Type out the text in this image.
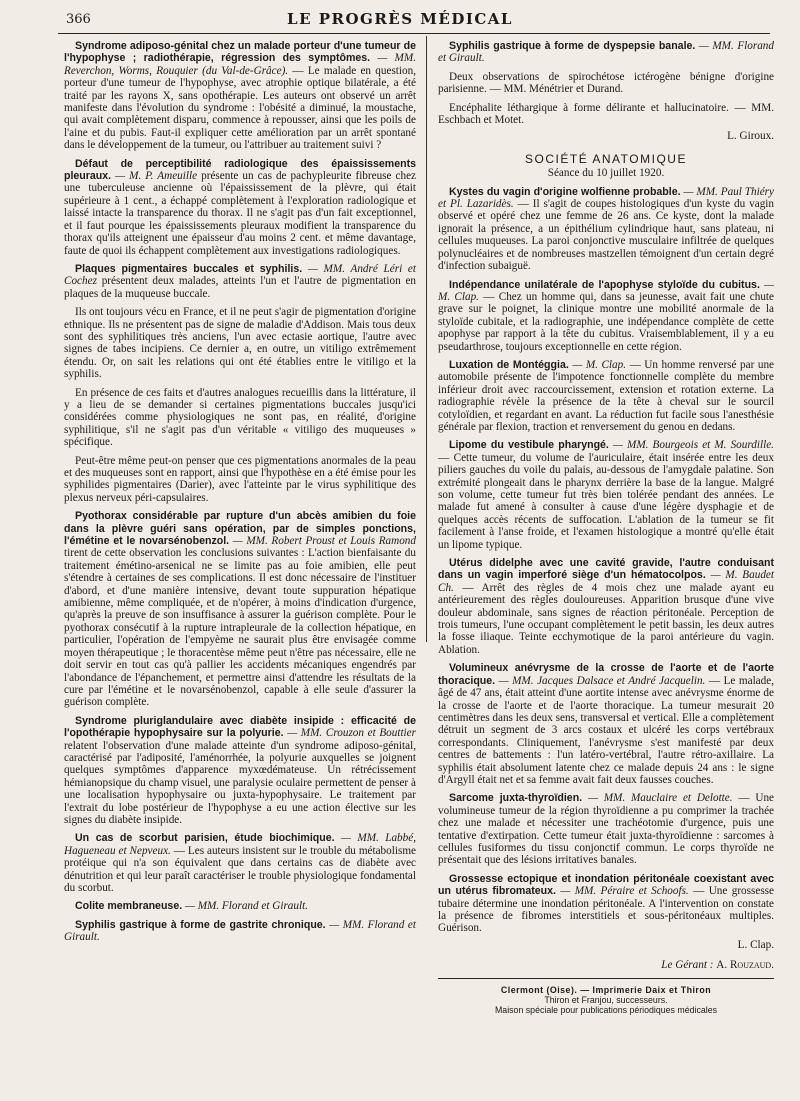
366	LE PROGRÈS MÉDICAL

Syndrome adiposo-génital chez un malade porteur d'une tumeur de l'hypophyse ; radiothérapie, régression des symptômes. — MM. Reverchon, Worms, Rouquier (du Val-de-Grâce). — Le malade en question, porteur d'une tumeur de l'hypophyse, avec atrophie optique bilatérale, a été traité par les rayons X, sans opothérapie. Les auteurs ont observé un arrêt manifeste dans l'évolution du syndrome : l'obésité a diminué, la moustache, qui avait complètement disparu, commence à repousser, ainsi que les poils de l'aine et du pubis. Faut-il expliquer cette amélioration par un arrêt spontané dans le développement de la tumeur, ou l'attribuer au traitement suivi ?

Défaut de perceptibilité radiologique des épaississements pleuraux. — M. P. Ameuille présente un cas de pachypleurite fibreuse chez une tuberculeuse ancienne où l'épaississement de la plèvre, qui était supérieure à 1 cent., a échappé complètement à l'exploration radiologique et laissé intacte la transparence du thorax. Il ne s'agit pas d'un fait exceptionnel, et il faut pourque les épaississements pleuraux modifient la transparence du thorax qu'ils atteignent une épaisseur d'au moins 2 cent. et même davantage, faute de quoi ils échappent complètement aux investigations radiologiques.

Plaques pigmentaires buccales et syphilis. — MM. André Léri et Cochez présentent deux malades, atteints l'un et l'autre de pigmentation en plaques de la muqueuse buccale.

Ils ont toujours vécu en France, et il ne peut s'agir de pigmentation d'origine ethnique. Ils ne présentent pas de signe de maladie d'Addison. Mais tous deux sont des syphilitiques très anciens, l'un avec ectasie aortique, l'autre avec signes de tabes incipiens. Ce dernier a, en outre, un vitiligo extrêmement étendu. Or, on sait les relations qui ont été établies entre le vitiligo et la syphilis.

En présence de ces faits et d'autres analogues recueillis dans la littérature, il y a lieu de se demander si certaines pigmentations buccales jusqu'ici considérées comme physiologiques ne sont pas, en réalité, d'origine syphilitique, s'il ne s'agit pas d'un véritable « vitiligo des muqueuses » spécifique.

Peut-être même peut-on penser que ces pigmentations anormales de la peau et des muqueuses sont en rapport, ainsi que l'hypothèse en a été émise pour les syphilides pigmentaires (Darier), avec l'atteinte par le virus syphilitique des plexus nerveux péri-capsulaires.

Pyothorax considérable par rupture d'un abcès amibien du foie dans la plèvre guéri sans opération, par de simples ponctions, l'émétine et le novarsénobenzol. — MM. Robert Proust et Louis Ramond tirent de cette observation les conclusions suivantes : L'action bienfaisante du traitement émétino-arsenical ne se limite pas au foie amibien, elle peut s'étendre à certaines de ses complications. Il est donc nécessaire de l'instituer d'abord, et d'une manière intensive, devant toute suppuration hépatique amibienne, même compliquée, et de n'opérer, à moins d'indication d'urgence, qu'après la preuve de son insuffisance à assurer la guérison complète. Pour le pyothorax consécutif à la rupture intrapleurale de la collection hépatique, en particulier, l'opération de l'empyème ne saurait plus être envisagée comme moyen thérapeutique ; le thoracentèse même peut n'être pas nécessaire, elle ne doit servir en tout cas qu'à pallier les accidents mécaniques engendrés par l'abondance de l'épanchement, et permettre ainsi d'attendre les résultats de la cure par l'émétine et le novarsénobenzol, capable à elle seule d'assurer la guérison complète.

Syndrome pluriglandulaire avec diabète insipide : efficacité de l'opothérapie hypophysaire sur la polyurie. — MM. Crouzon et Bouttier relatent l'observation d'une malade atteinte d'un syndrome adiposo-génital, caractérisé par l'adiposité, l'aménorrhée, la polyurie auxquelles se joignent quelques symptômes d'apparence myxœdémateuse. Un rétrécissement hémianopsique du champ visuel, une paralysie oculaire permettent de penser à une localisation hypophysaire ou juxta-hypophysaire. Le traitement par l'extrait du lobe postérieur de l'hypophyse a eu une action élective sur les signes du diabète insipide.

Un cas de scorbut parisien, étude biochimique. — MM. Labbé, Hagueneau et Nepveux. — Les auteurs insistent sur le trouble du métabolisme protéique qui n'a son équivalent que dans certains cas de diabète avec dénutrition et qui leur paraît caractériser le trouble physiologique fondamental du scorbut.

Colite membraneuse. — MM. Florand et Girault.

Syphilis gastrique à forme de gastrite chronique. — MM. Florand et Girault.

Syphilis gastrique à forme de dyspepsie banale. — MM. Florand et Girault.

Deux observations de spirochétose ictérogène bénigne d'origine parisienne. — MM. Ménétrier et Durand.

Encéphalite léthargique à forme délirante et hallucinatoire. — MM. Eschbach et Motet.

L. Giroux.
SOCIÉTÉ ANATOMIQUE
Séance du 10 juillet 1920.

Kystes du vagin d'origine wolfienne probable. — MM. Paul Thiéry et Pl. Lazaridès. — Il s'agit de coupes histologiques d'un kyste du vagin observé et opéré chez une femme de 26 ans. Ce kyste, dont la malade ignorait la présence, a un épithélium cylindrique haut, sans plateau, ni cellules muqueuses. La paroi conjonctive musculaire infiltrée de quelques polynucléaires et de nombreuses mastzellen témoignent d'un certain degré d'infection subaiguë.

Indépendance unilatérale de l'apophyse styloïde du cubitus. — M. Clap. — Chez un homme qui, dans sa jeunesse, avait fait une chute grave sur le poignet, la clinique montre une mobilité anormale de la styloïde cubitale, et la radiographie, une indépendance complète de cette apophyse par rapport à la tête du cubitus. Vraisemblablement, il y a eu pseudarthrose, toujours exceptionnelle en cette région.

Luxation de Montéggia. — M. Clap. — Un homme renversé par une automobile présente de l'impotence fonctionnelle complète du membre inférieur droit avec raccourcissement, extension et rotation externe. La radiographie révèle la présence de la tête à cheval sur le sourcil cotyloïdien, et regardant en avant. La réduction fut facile sous l'anesthésie générale par flexion, traction et renversement du genou en dedans.

Lipome du vestibule pharyngé. — MM. Bourgeois et M. Sourdille. — Cette tumeur, du volume de l'auriculaire, était insérée entre les deux piliers gauches du voile du palais, au-dessous de l'amygdale palatine. Son extrémité plongeait dans le pharynx derrière la base de la langue. Malgré son volume, cette tumeur fut très bien tolérée pendant des années. Le malade fut amené à consulter à cause d'une légère dysphagie et de quelques accès récents de suffocation. L'ablation de la tumeur se fit facilement à l'anse froide, et l'examen histologique a montré qu'elle était un lipome typique.

Utérus didelphe avec une cavité gravide, l'autre conduisant dans un vagin imperforé siège d'un hématocolpos. — M. Baudet Ch. — Arrêt des règles de 4 mois chez une malade ayant eu antérieurement des règles douloureuses. Apparition brusque d'une vive douleur abdominale, sans signes de réaction péritonéale. Perception de trois tumeurs, l'une occupant complètement le petit bassin, les deux autres la fosse iliaque. Teinte ecchymotique de la paroi antérieure du vagin. Ablation.

Volumineux anévrysme de la crosse de l'aorte et de l'aorte thoracique. — MM. Jacques Dalsace et André Jacquelin. — Le malade, âgé de 47 ans, était atteint d'une aortite intense avec anévrysme énorme de la crosse de l'aorte et de l'aorte thoracique. La tumeur mesurait 20 centimètres dans les deux sens, transversal et vertical. Elle a complètement détruit un segment de 3 arcs costaux et ulcéré les corps vertébraux correspondants. Cliniquement, l'anévrysme s'est manifesté par deux centres de battements : l'un latéro-vertébral, l'autre rétro-axillaire. La syphilis était absolument latente chez ce malade depuis 24 ans : le signe d'Argyll était net et sa femme avait fait deux fausses couches.

Sarcome juxta-thyroïdien. — MM. Mauclaire et Delotte. — Une volumineuse tumeur de la région thyroïdienne a pu comprimer la trachée chez une malade et nécessiter une trachéotomie d'urgence, puis une tentative d'extirpation. Cette tumeur était juxta-thyroïdienne : sarcomes à cellules fusiformes du tissu conjonctif commun. Le corps thyroïde ne présentait que des lésions irritatives banales.

Grossesse ectopique et inondation péritonéale coexistant avec un utérus fibromateux. — MM. Péraire et Schoofs. — Une grossesse tubaire détermine une inondation péritonéale. A l'intervention on constate la présence de fibromes interstitiels et sous-péritonéaux multiples. Guérison.

L. Clap.
Le Gérant : A. Rouzaud.
Clermont (Oise). — Imprimerie Daix et Thiron
Thiron et Franjou, successeurs.
Maison spéciale pour publications périodiques médicales
